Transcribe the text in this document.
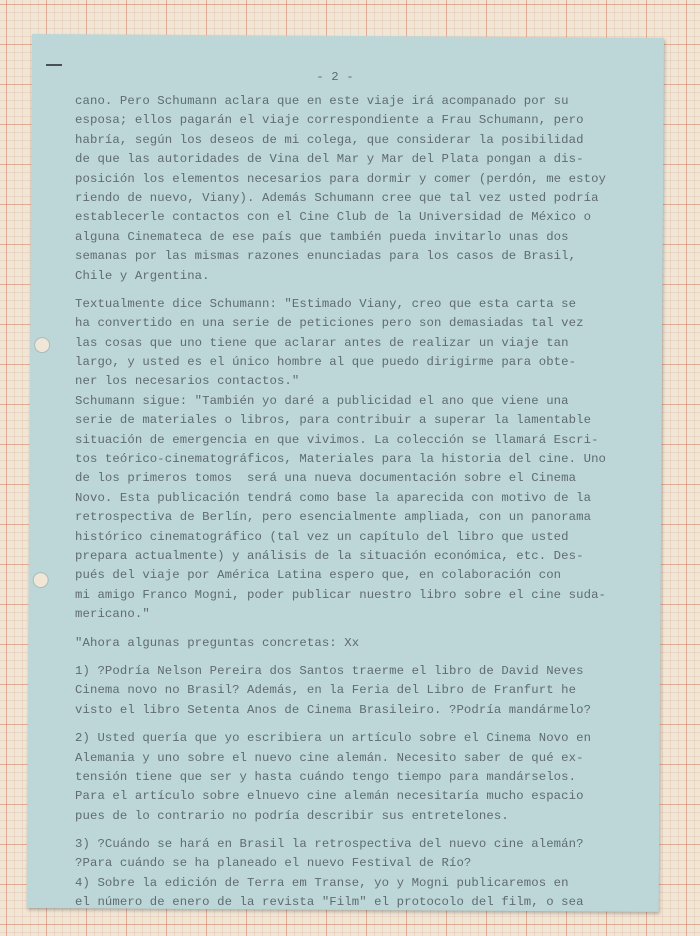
- 2 -
cano. Pero Schumann aclara que en este viaje irá acompanado por su
esposa; ellos pagarán el viaje correspondiente a Frau Schumann, pero
habría, según los deseos de mi colega, que considerar la posibilidad
de que las autoridades de Vina del Mar y Mar del Plata pongan a dis-
posición los elementos necesarios para dormir y comer (perdón, me estoy
riendo de nuevo, Viany). Además Schumann cree que tal vez usted podría
establecerle contactos con el Cine Club de la Universidad de México o
alguna Cinemateca de ese país que también pueda invitarlo unas dos
semanas por las mismas razones enunciadas para los casos de Brasil,
Chile y Argentina.
Textualmente dice Schumann: "Estimado Viany, creo que esta carta se
ha convertido en una serie de peticiones pero son demasiadas tal vez
las cosas que uno tiene que aclarar antes de realizar un viaje tan
largo, y usted es el único hombre al que puedo dirigirme para obte-
ner los necesarios contactos."
Schumann sigue: "También yo daré a publicidad el ano que viene una
serie de materiales o libros, para contribuir a superar la lamentable
situación de emergencia en que vivimos. La colección se llamará Escri-
tos teórico-cinematográficos, Materiales para la historia del cine. Uno
de los primeros tomos  será una nueva documentación sobre el Cinema
Novo. Esta publicación tendrá como base la aparecida con motivo de la
retrospectiva de Berlín, pero esencialmente ampliada, con un panorama
histórico cinematográfico (tal vez un capítulo del libro que usted
prepara actualmente) y análisis de la situación económica, etc. Des-
pués del viaje por América Latina espero que, en colaboración con
mi amigo Franco Mogni, poder publicar nuestro libro sobre el cine suda-
mericano."
"Ahora algunas preguntas concretas: Xx
1) ?Podría Nelson Pereira dos Santos traerme el libro de David Neves
Cinema novo no Brasil? Además, en la Feria del Libro de Franfurt he
visto el libro Setenta Anos de Cinema Brasileiro. ?Podría mandármelo?
2) Usted quería que yo escribiera un artículo sobre el Cinema Novo en
Alemania y uno sobre el nuevo cine alemán. Necesito saber de qué ex-
tensión tiene que ser y hasta cuándo tengo tiempo para mandárselos.
Para el artículo sobre elnuevo cine alemán necesitaría mucho espacio
pues de lo contrario no podría describir sus entretelones.
3) ?Cuándo se hará en Brasil la retrospectiva del nuevo cine alemán?
?Para cuándo se ha planeado el nuevo Festival de Río?
4) Sobre la edición de Terra em Transe, yo y Mogni publicaremos en
el número de enero de la revista "Film" el protocolo del film, o sea
